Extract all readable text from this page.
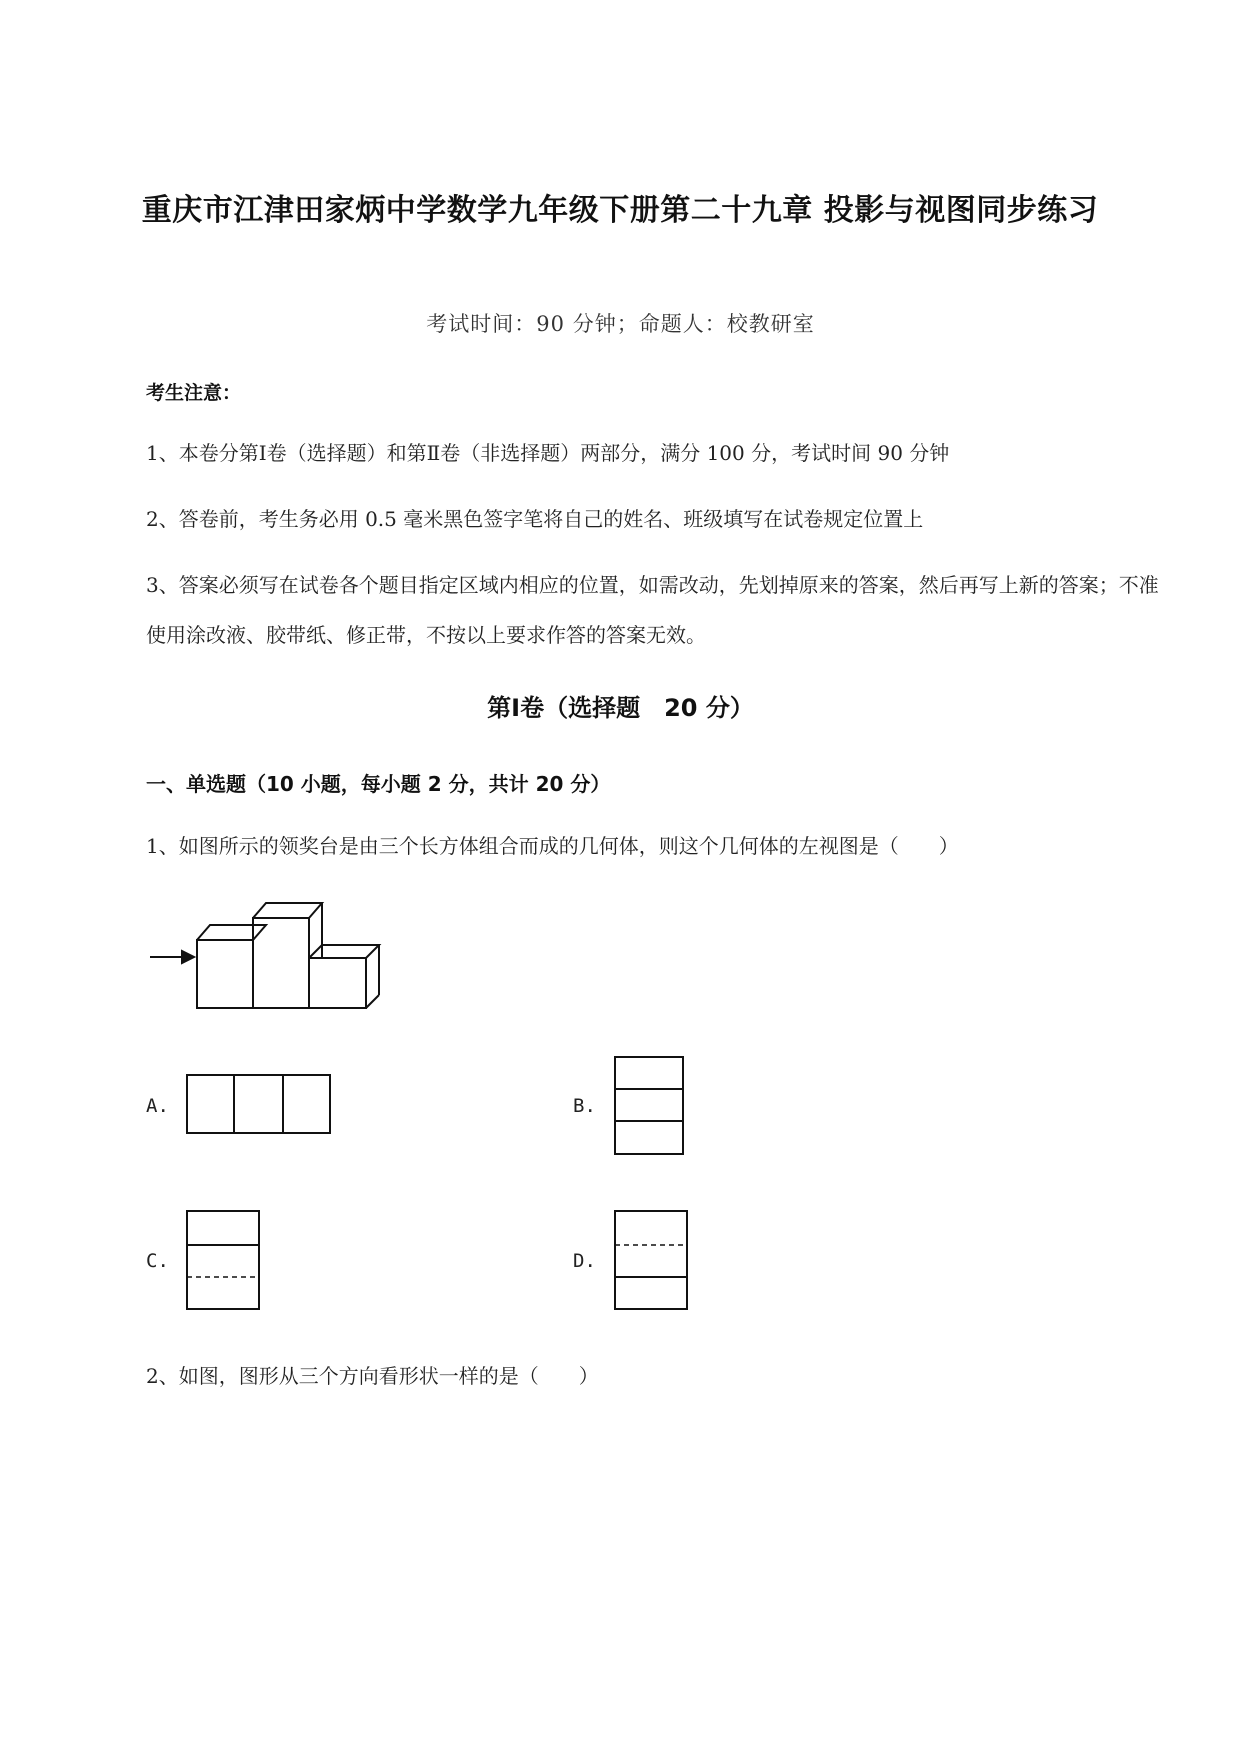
重庆市江津田家炳中学数学九年级下册第二十九章 投影与视图同步练习
考试时间：90 分钟；命题人：校教研室
考生注意：
1、本卷分第Ⅰ卷（选择题）和第Ⅱ卷（非选择题）两部分，满分 100 分，考试时间 90 分钟
2、答卷前，考生务必用 0.5 毫米黑色签字笔将自己的姓名、班级填写在试卷规定位置上
3、答案必须写在试卷各个题目指定区域内相应的位置，如需改动，先划掉原来的答案，然后再写上新的答案；不准使用涂改液、胶带纸、修正带，不按以上要求作答的答案无效。
第Ⅰ卷（选择题　20 分）
一、单选题（10 小题，每小题 2 分，共计 20 分）
1、如图所示的领奖台是由三个长方体组合而成的几何体，则这个几何体的左视图是（　　）
A.	B.
C.	D.
2、如图，图形从三个方向看形状一样的是（　　）
